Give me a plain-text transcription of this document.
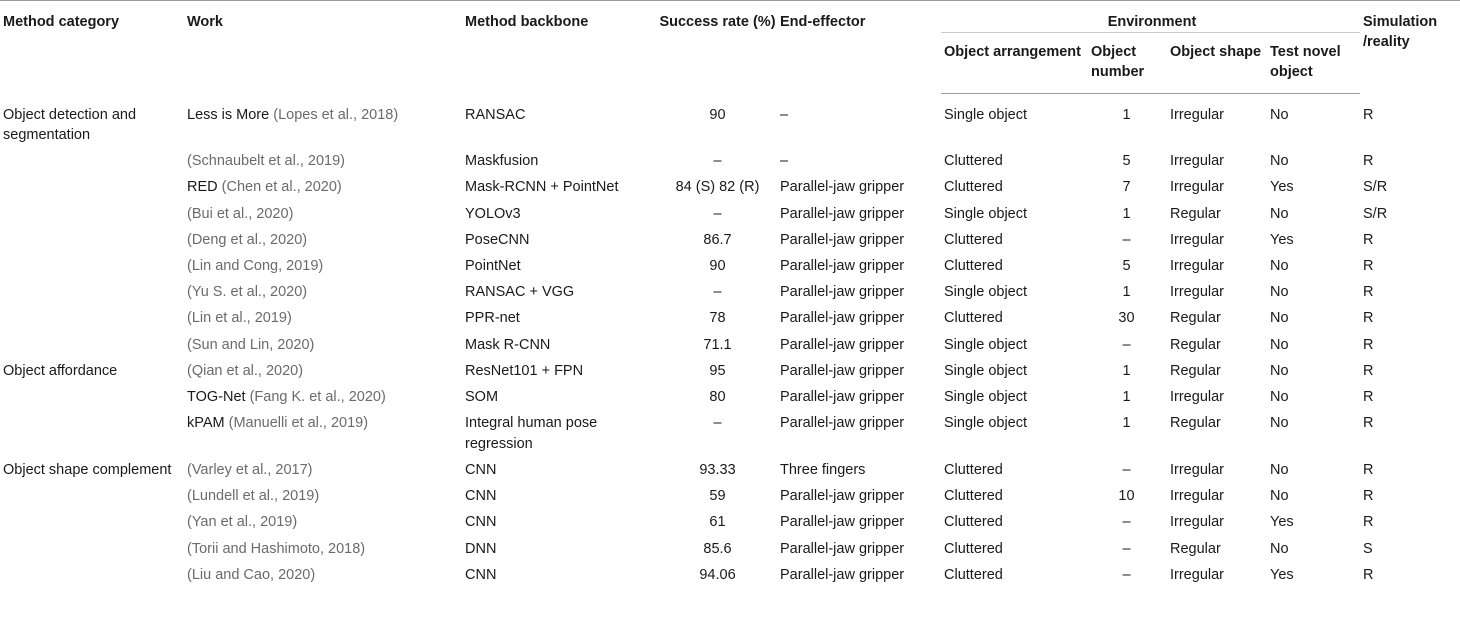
Method category	Work	Method backbone	Success rate (%)	End-effector	Environment				Simulation /reality
					Object arrangement	Object number	Object shape	Test novel object	
Object detection and segmentation	Less is More (Lopes et al., 2018)	RANSAC	90	–	Single object	1	Irregular	No	R
	(Schnaubelt et al., 2019)	Maskfusion	–	–	Cluttered	5	Irregular	No	R
	RED (Chen et al., 2020)	Mask-RCNN + PointNet	84 (S) 82 (R)	Parallel-jaw gripper	Cluttered	7	Irregular	Yes	S/R
	(Bui et al., 2020)	YOLOv3	–	Parallel-jaw gripper	Single object	1	Regular	No	S/R
	(Deng et al., 2020)	PoseCNN	86.7	Parallel-jaw gripper	Cluttered	–	Irregular	Yes	R
	(Lin and Cong, 2019)	PointNet	90	Parallel-jaw gripper	Cluttered	5	Irregular	No	R
	(Yu S. et al., 2020)	RANSAC + VGG	–	Parallel-jaw gripper	Single object	1	Irregular	No	R
	(Lin et al., 2019)	PPR-net	78	Parallel-jaw gripper	Cluttered	30	Regular	No	R
	(Sun and Lin, 2020)	Mask R-CNN	71.1	Parallel-jaw gripper	Single object	–	Regular	No	R
Object affordance	(Qian et al., 2020)	ResNet101 + FPN	95	Parallel-jaw gripper	Single object	1	Regular	No	R
	TOG-Net (Fang K. et al., 2020)	SOM	80	Parallel-jaw gripper	Single object	1	Irregular	No	R
	kPAM (Manuelli et al., 2019)	Integral human pose regression	–	Parallel-jaw gripper	Single object	1	Regular	No	R
Object shape complement	(Varley et al., 2017)	CNN	93.33	Three fingers	Cluttered	–	Irregular	No	R
	(Lundell et al., 2019)	CNN	59	Parallel-jaw gripper	Cluttered	10	Irregular	No	R
	(Yan et al., 2019)	CNN	61	Parallel-jaw gripper	Cluttered	–	Irregular	Yes	R
	(Torii and Hashimoto, 2018)	DNN	85.6	Parallel-jaw gripper	Cluttered	–	Regular	No	S
	(Liu and Cao, 2020)	CNN	94.06	Parallel-jaw gripper	Cluttered	–	Irregular	Yes	R
